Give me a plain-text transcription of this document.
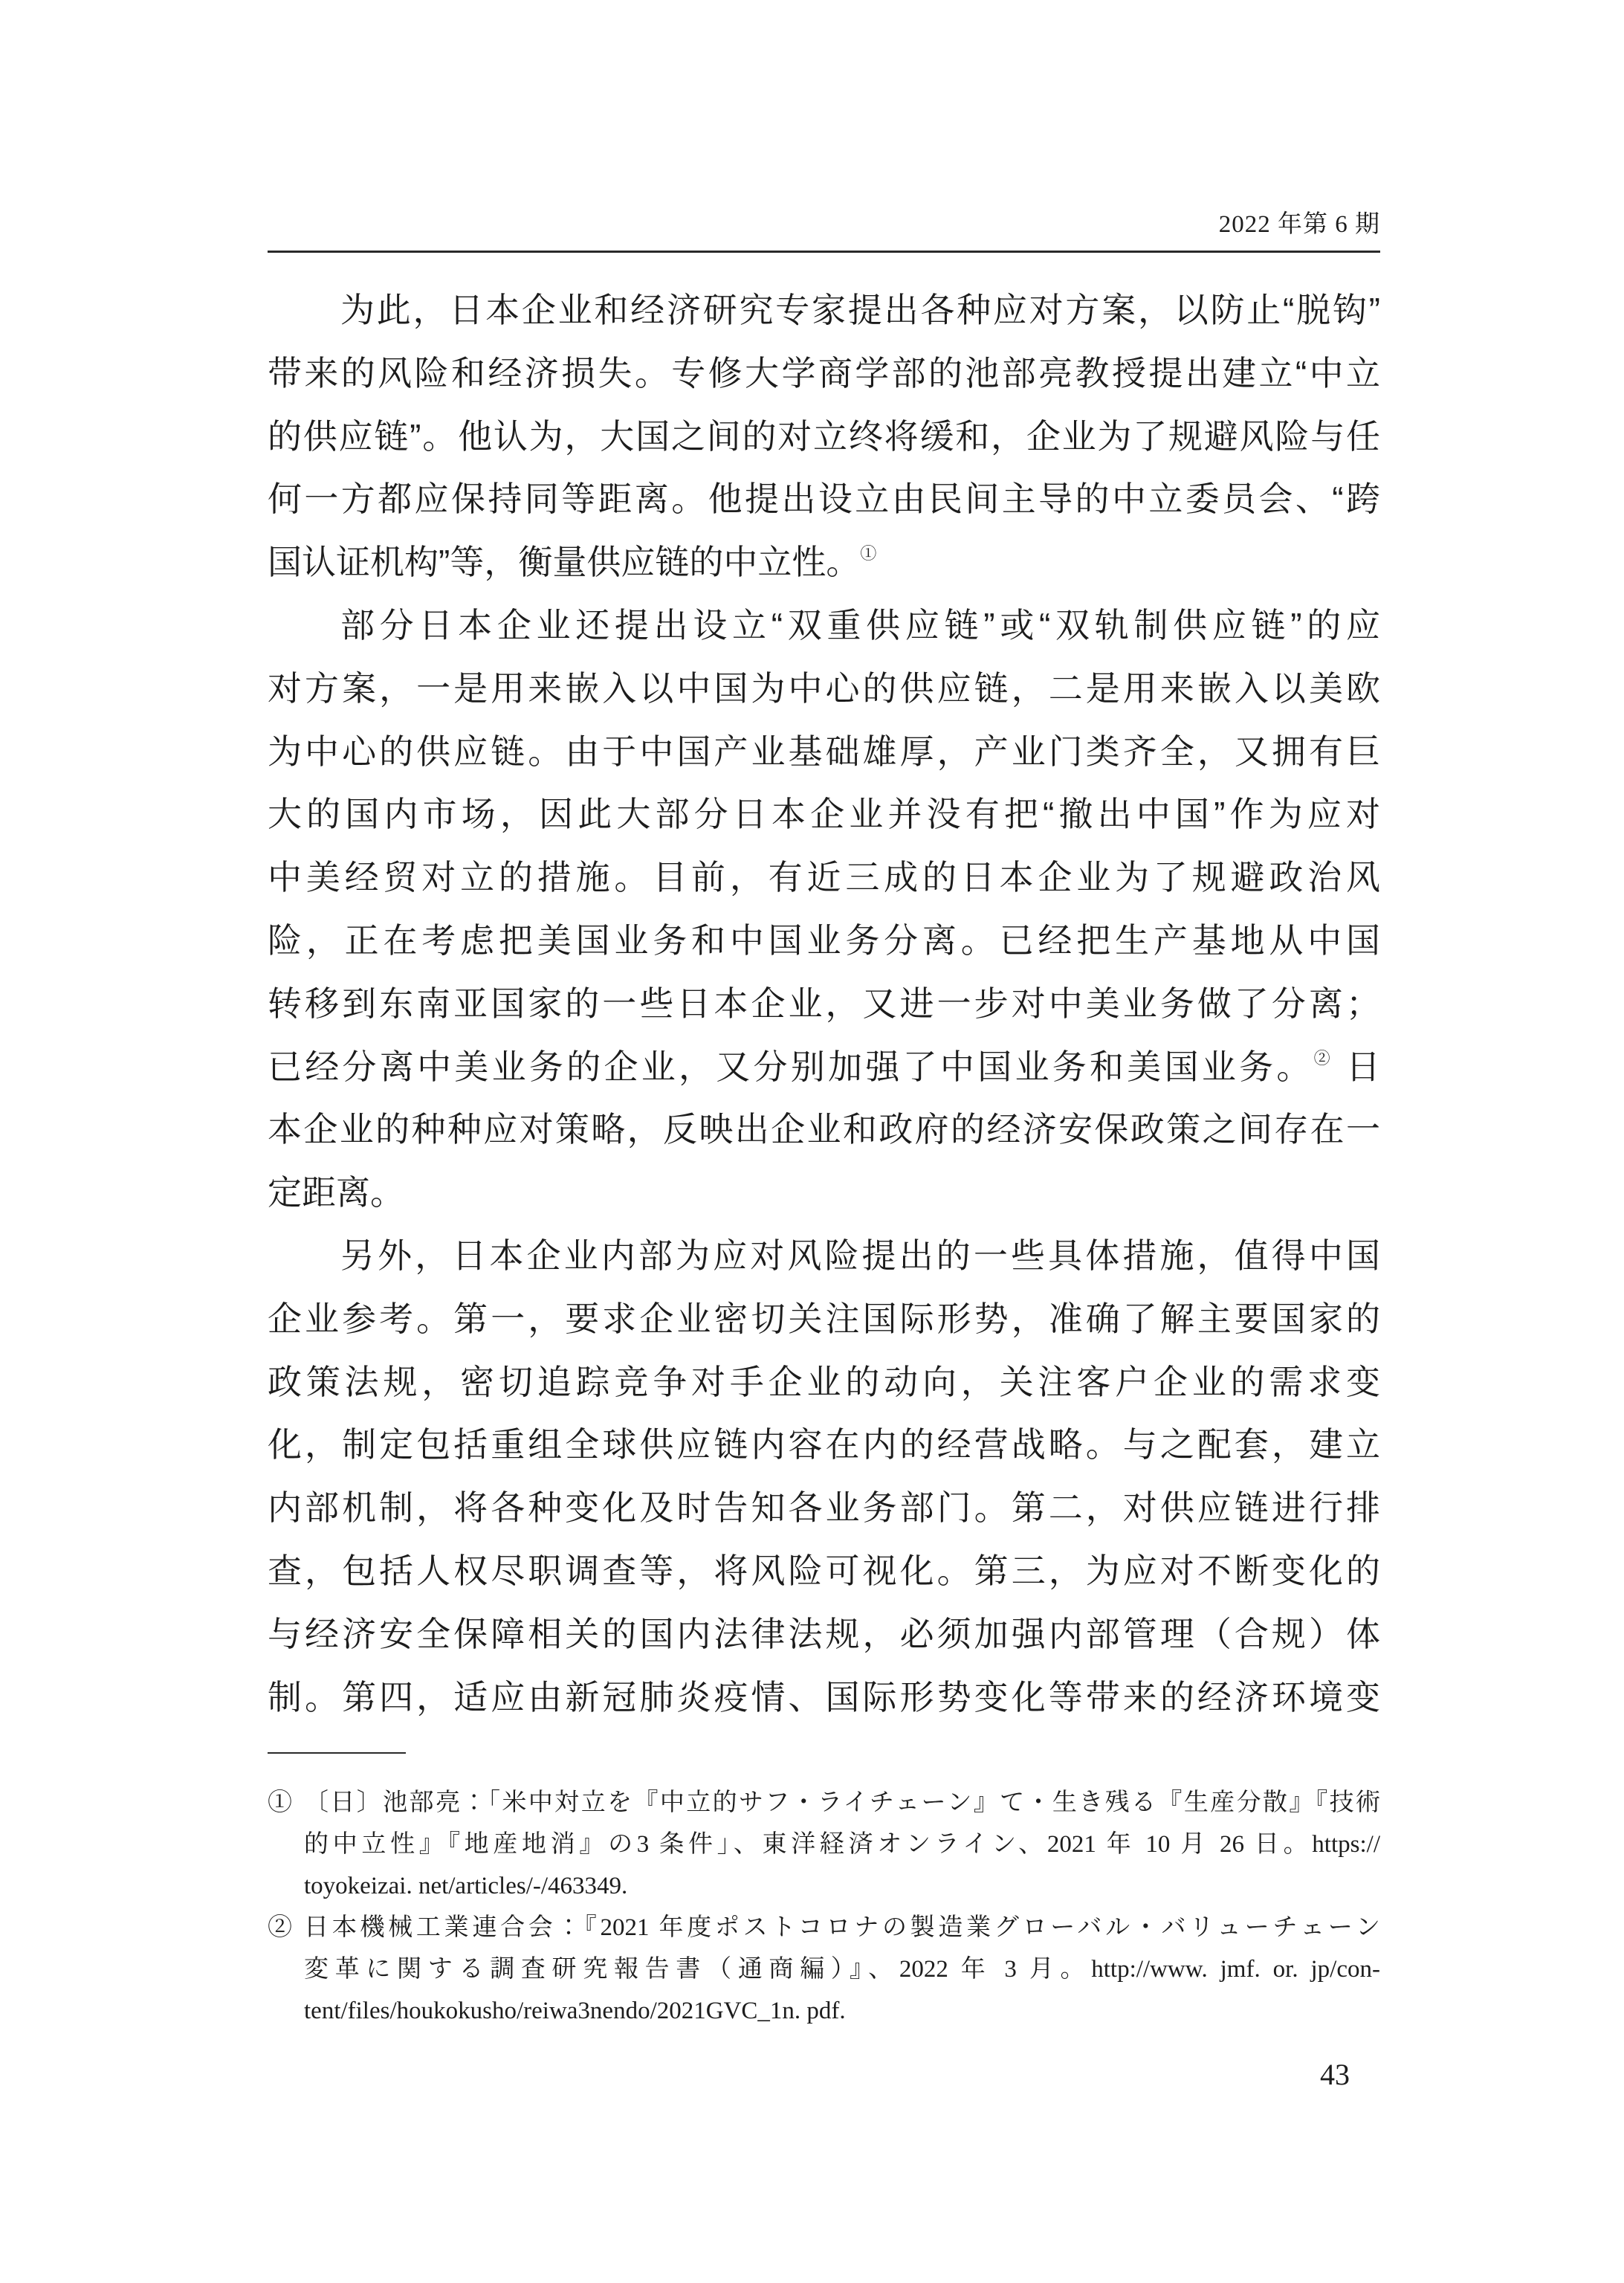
2022 年第 6 期
为此，日本企业和经济研究专家提出各种应对方案，以防止“脱钩”
带来的风险和经济损失。专修大学商学部的池部亮教授提出建立“中立
的供应链”。他认为，大国之间的对立终将缓和，企业为了规避风险与任
何一方都应保持同等距离。他提出设立由民间主导的中立委员会、“跨
国认证机构”等，衡量供应链的中立性。①
部分日本企业还提出设立“双重供应链”或“双轨制供应链”的应
对方案，一是用来嵌入以中国为中心的供应链，二是用来嵌入以美欧
为中心的供应链。由于中国产业基础雄厚，产业门类齐全，又拥有巨
大的国内市场，因此大部分日本企业并没有把“撤出中国”作为应对
中美经贸对立的措施。目前，有近三成的日本企业为了规避政治风
险，正在考虑把美国业务和中国业务分离。已经把生产基地从中国
转移到东南亚国家的一些日本企业，又进一步对中美业务做了分离；
已经分离中美业务的企业，又分别加强了中国业务和美国业务。② 日
本企业的种种应对策略，反映出企业和政府的经济安保政策之间存在一
定距离。
另外，日本企业内部为应对风险提出的一些具体措施，值得中国
企业参考。第一，要求企业密切关注国际形势，准确了解主要国家的
政策法规，密切追踪竞争对手企业的动向，关注客户企业的需求变
化，制定包括重组全球供应链内容在内的经营战略。与之配套，建立
内部机制，将各种变化及时告知各业务部门。第二，对供应链进行排
查，包括人权尽职调查等，将风险可视化。第三，为应对不断变化的
与经济安全保障相关的国内法律法规，必须加强内部管理（合规）体
制。第四，适应由新冠肺炎疫情、国际形势变化等带来的经济环境变
① 〔日〕池部亮：「米中対立を『中立的サフ・ライチェーン』て・生き残る『生産分散』『技術
的中立性』『地産地消』の3 条件」、東洋経済オンライン、2021 年 10 月 26 日。https://
toyokeizai. net/articles/-/463349.
② 日本機械工業連合会：『2021 年度ポストコロナの製造業グローバル・バリューチェーン
変革に関する調査研究報告書（通商編）』、2022 年 3 月。http://www. jmf. or. jp/con-
tent/files/houkokusho/reiwa3nendo/2021GVC_1n. pdf.
43
